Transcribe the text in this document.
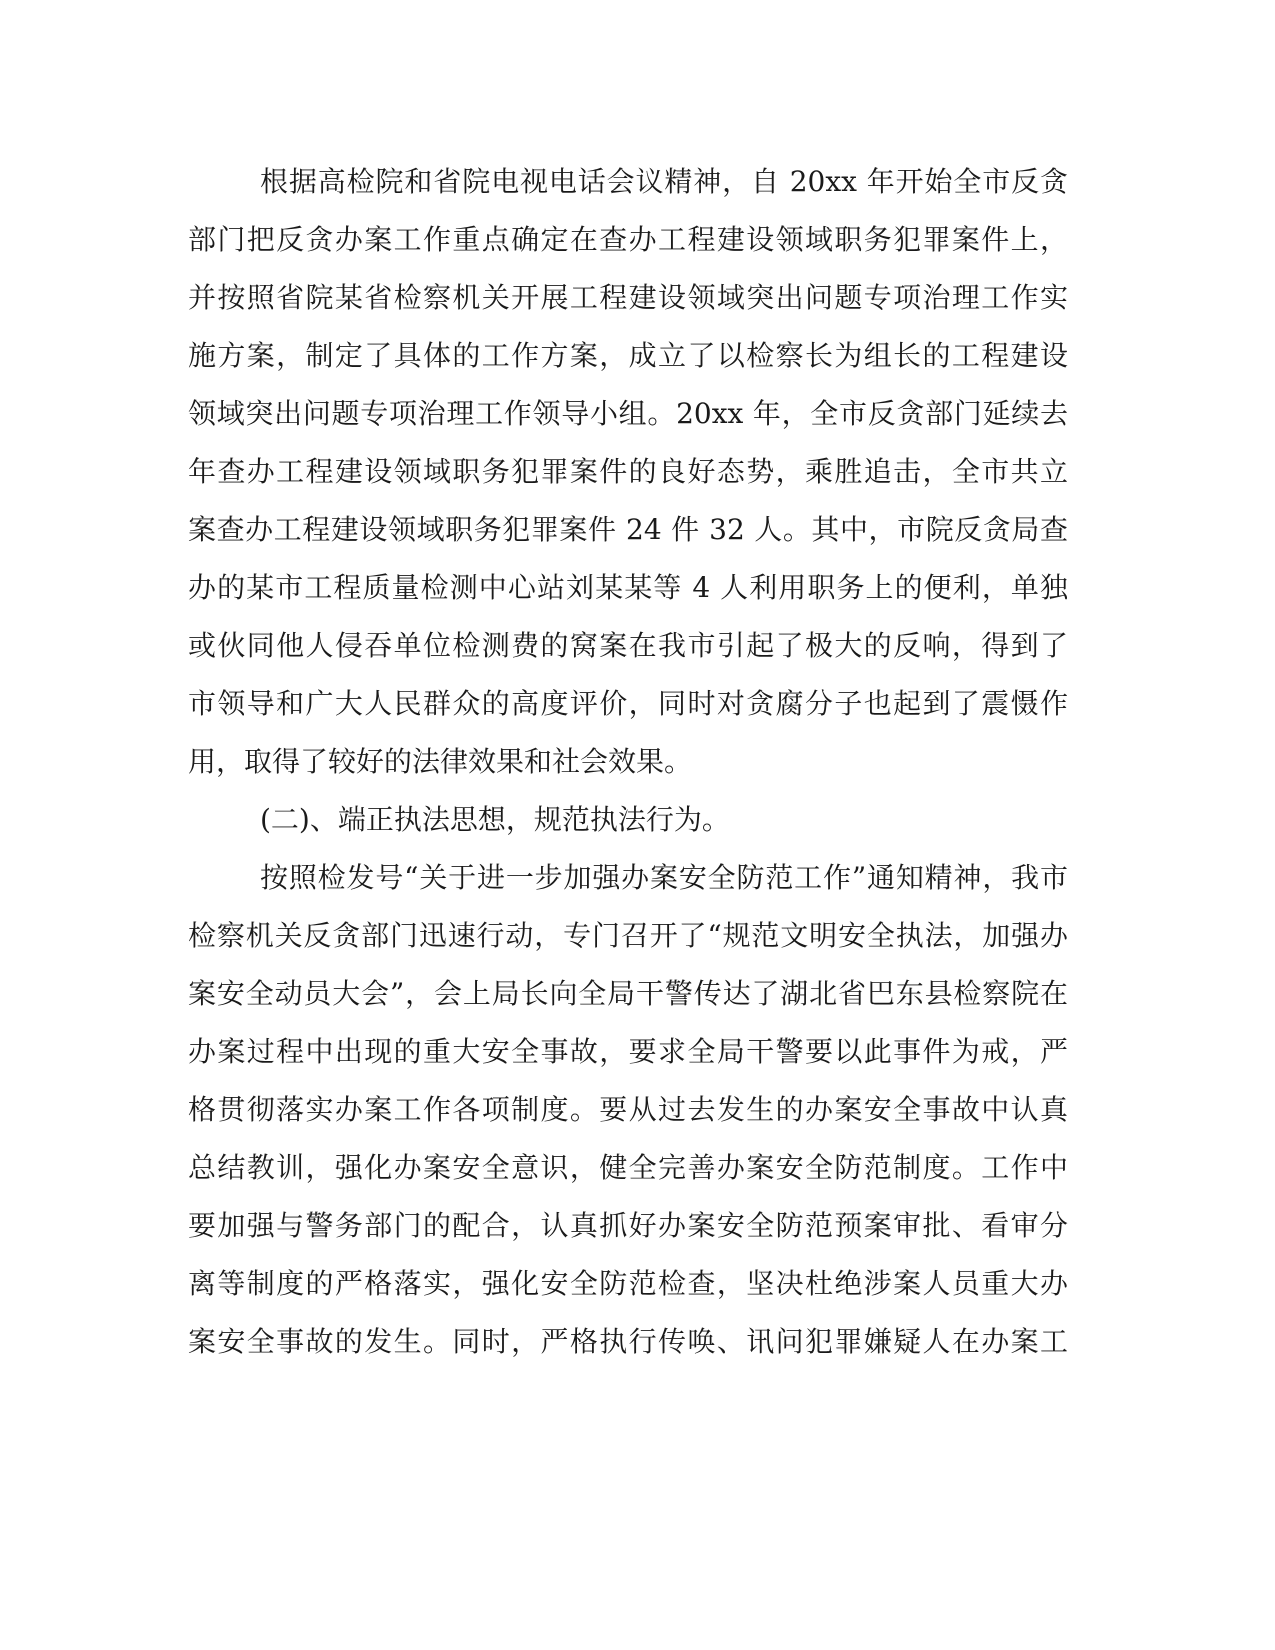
根据高检院和省院电视电话会议精神，自 20xx 年开始全市反贪
部门把反贪办案工作重点确定在查办工程建设领域职务犯罪案件上，
并按照省院某省检察机关开展工程建设领域突出问题专项治理工作实
施方案，制定了具体的工作方案，成立了以检察长为组长的工程建设
领域突出问题专项治理工作领导小组。20xx 年，全市反贪部门延续去
年查办工程建设领域职务犯罪案件的良好态势，乘胜追击，全市共立
案查办工程建设领域职务犯罪案件 24 件 32 人。其中，市院反贪局查
办的某市工程质量检测中心站刘某某等 4 人利用职务上的便利，单独
或伙同他人侵吞单位检测费的窝案在我市引起了极大的反响，得到了
市领导和广大人民群众的高度评价，同时对贪腐分子也起到了震慑作
用，取得了较好的法律效果和社会效果。
(二)、端正执法思想，规范执法行为。
按照检发号“关于进一步加强办案安全防范工作”通知精神，我市
检察机关反贪部门迅速行动，专门召开了“规范文明安全执法，加强办
案安全动员大会”，会上局长向全局干警传达了湖北省巴东县检察院在
办案过程中出现的重大安全事故，要求全局干警要以此事件为戒，严
格贯彻落实办案工作各项制度。要从过去发生的办案安全事故中认真
总结教训，强化办案安全意识，健全完善办案安全防范制度。工作中
要加强与警务部门的配合，认真抓好办案安全防范预案审批、看审分
离等制度的严格落实，强化安全防范检查，坚决杜绝涉案人员重大办
案安全事故的发生。同时，严格执行传唤、讯问犯罪嫌疑人在办案工
